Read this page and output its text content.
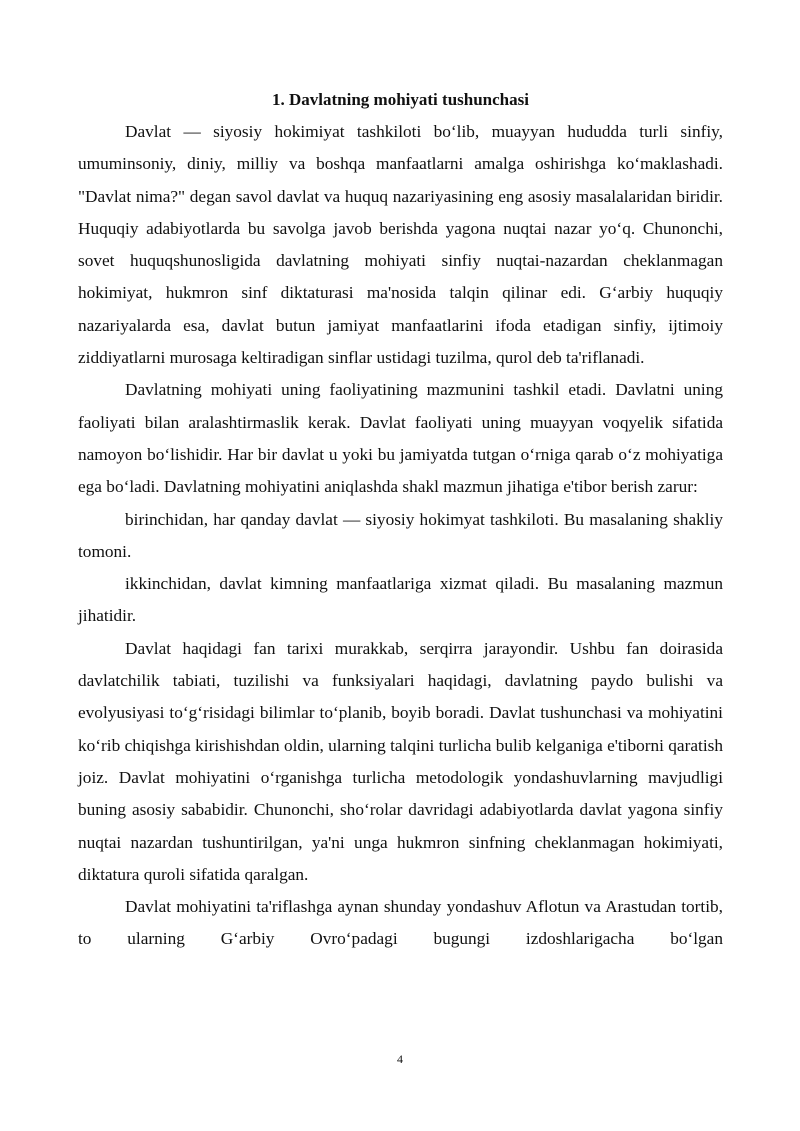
1. Davlatning mohiyati tushunchasi

Davlat — siyosiy hokimiyat tashkiloti bo‘lib, muayyan hududda turli sinfiy, umuminsoniy, diniy, milliy va boshqa manfaatlarni amalga oshirishga ko‘maklashadi. "Davlat nima?" degan savol davlat va huquq nazariyasining eng asosiy masalalaridan biridir. Huquqiy adabiyotlarda bu savolga javob berishda yagona nuqtai nazar yo‘q. Chunonchi, sovet huquqshunosligida davlatning mohiyati sinfiy nuqtai-nazardan cheklanmagan hokimiyat, hukmron sinf diktaturasi ma'nosida talqin qilinar edi. G‘arbiy huquqiy nazariyalarda esa, davlat butun jamiyat manfaatlarini ifoda etadigan sinfiy, ijtimoiy ziddiyatlarni murosaga keltiradigan sinflar ustidagi tuzilma, qurol deb ta'riflanadi.

Davlatning mohiyati uning faoliyatining mazmunini tashkil etadi. Davlatni uning faoliyati bilan aralashtirmaslik kerak. Davlat faoliyati uning muayyan voqyelik sifatida namoyon bo‘lishidir. Har bir davlat u yoki bu jamiyatda tutgan o‘rniga qarab o‘z mohiyatiga ega bo‘ladi. Davlatning mohiyatini aniqlashda shakl mazmun jihatiga e'tibor berish zarur:

birinchidan, har qanday davlat — siyosiy hokimyat tashkiloti. Bu masalaning shakliy tomoni.

ikkinchidan, davlat kimning manfaatlariga xizmat qiladi. Bu masalaning mazmun jihatidir.

Davlat haqidagi fan tarixi murakkab, serqirra jarayondir. Ushbu fan doirasida davlatchilik tabiati, tuzilishi va funksiyalari haqidagi, davlatning paydo bulishi va evolyusiyasi to‘g‘risidagi bilimlar to‘planib, boyib boradi. Davlat tushunchasi va mohiyatini ko‘rib chiqishga kirishishdan oldin, ularning talqini turlicha bulib kelganiga e'tiborni qaratish joiz. Davlat mohiyatini o‘rganishga turlicha metodologik yondashuvlarning mavjudligi buning asosiy sababidir. Chunonchi, sho‘rolar davridagi adabiyotlarda davlat yagona sinfiy nuqtai nazardan tushuntirilgan, ya'ni unga hukmron sinfning cheklanmagan hokimiyati, diktatura quroli sifatida qaralgan.

Davlat mohiyatini ta'riflashga aynan shunday yondashuv Aflotun va Arastudan tortib, to ularning G‘arbiy Ovro‘padagi bugungi izdoshlarigacha bo‘lgan

4
